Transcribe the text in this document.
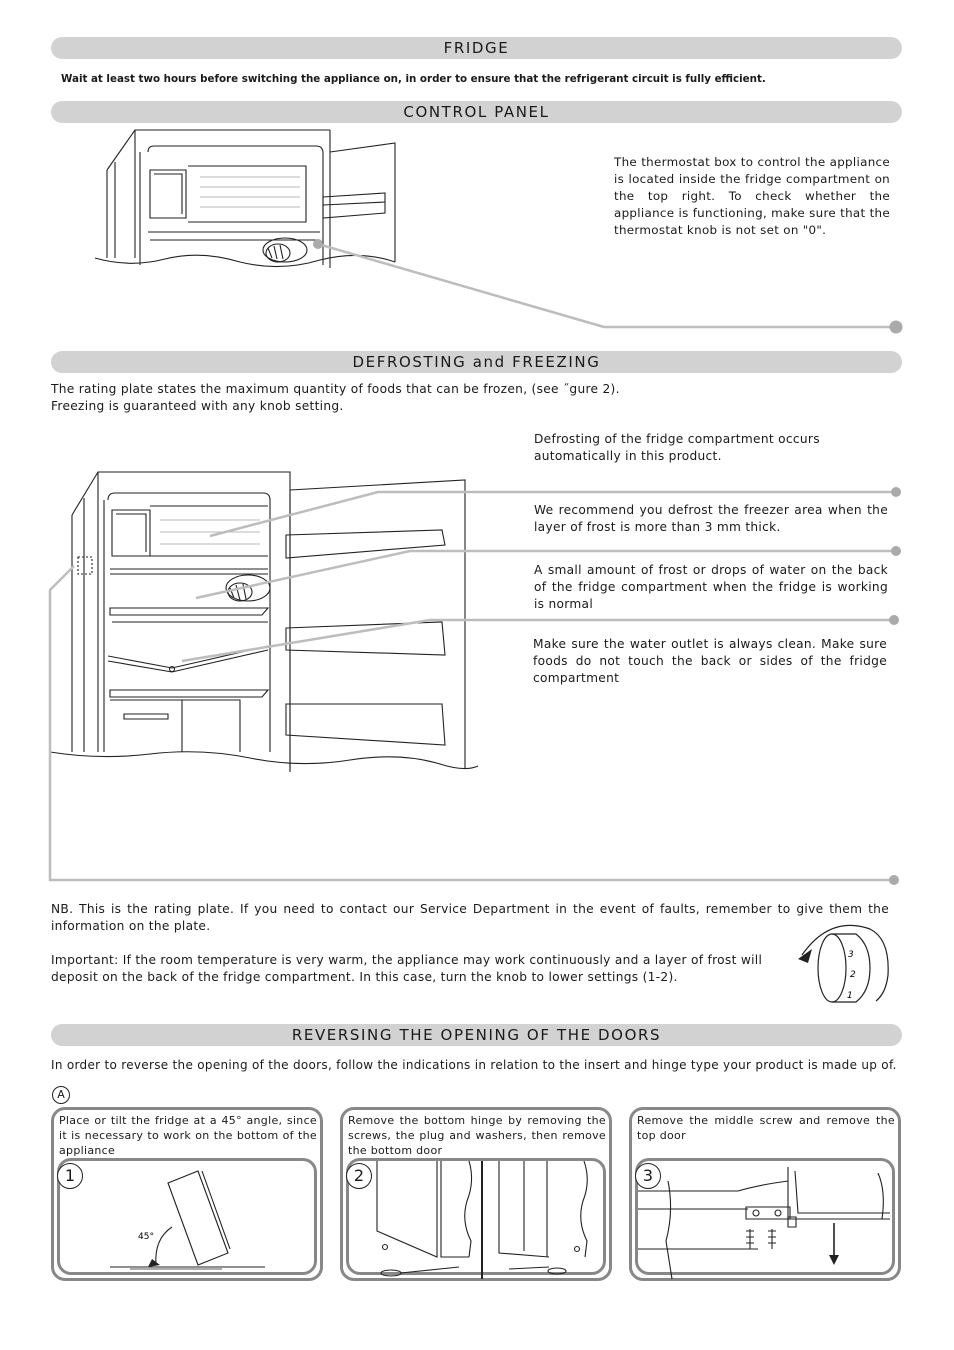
FRIDGE
Wait at least two hours before switching the appliance on, in order to ensure that the refrigerant circuit is fully efficient.
CONTROL PANEL
The thermostat box to control the appliance is located inside the fridge compartment on the top right. To check whether the appliance is functioning, make sure that the thermostat knob is not set on "0".
DEFROSTING and FREEZING
The rating plate states the maximum quantity of foods that can be frozen, (see ˝gure 2).
Freezing is guaranteed with any knob setting.
Defrosting of the fridge compartment occurs automatically in this product.
We recommend you defrost the freezer area when the layer of frost is more than 3 mm thick.
A small amount of frost or drops of water on the back of the fridge compartment when the fridge is working is normal
Make sure the water outlet is always clean. Make sure foods do not touch the back or sides of the fridge compartment
NB. This is the rating plate. If you need to contact our Service Department in the event of faults, remember to give them the information on the plate.
Important: If the room temperature is very warm, the appliance may work continuously and a layer of frost will deposit on the back of the fridge compartment. In this case, turn the knob to lower settings (1-2).
3
2
1
REVERSING THE OPENING OF THE DOORS
In order to reverse the opening of the doors, follow the indications in relation to the insert and hinge type your product is made up of.
A
Place or tilt the fridge at a 45° angle, since it is necessary to work on the bottom of the appliance
45°
1
Remove the bottom hinge by removing the screws, the plug and washers, then remove the bottom door
2
Remove the middle screw and remove the top door
3
